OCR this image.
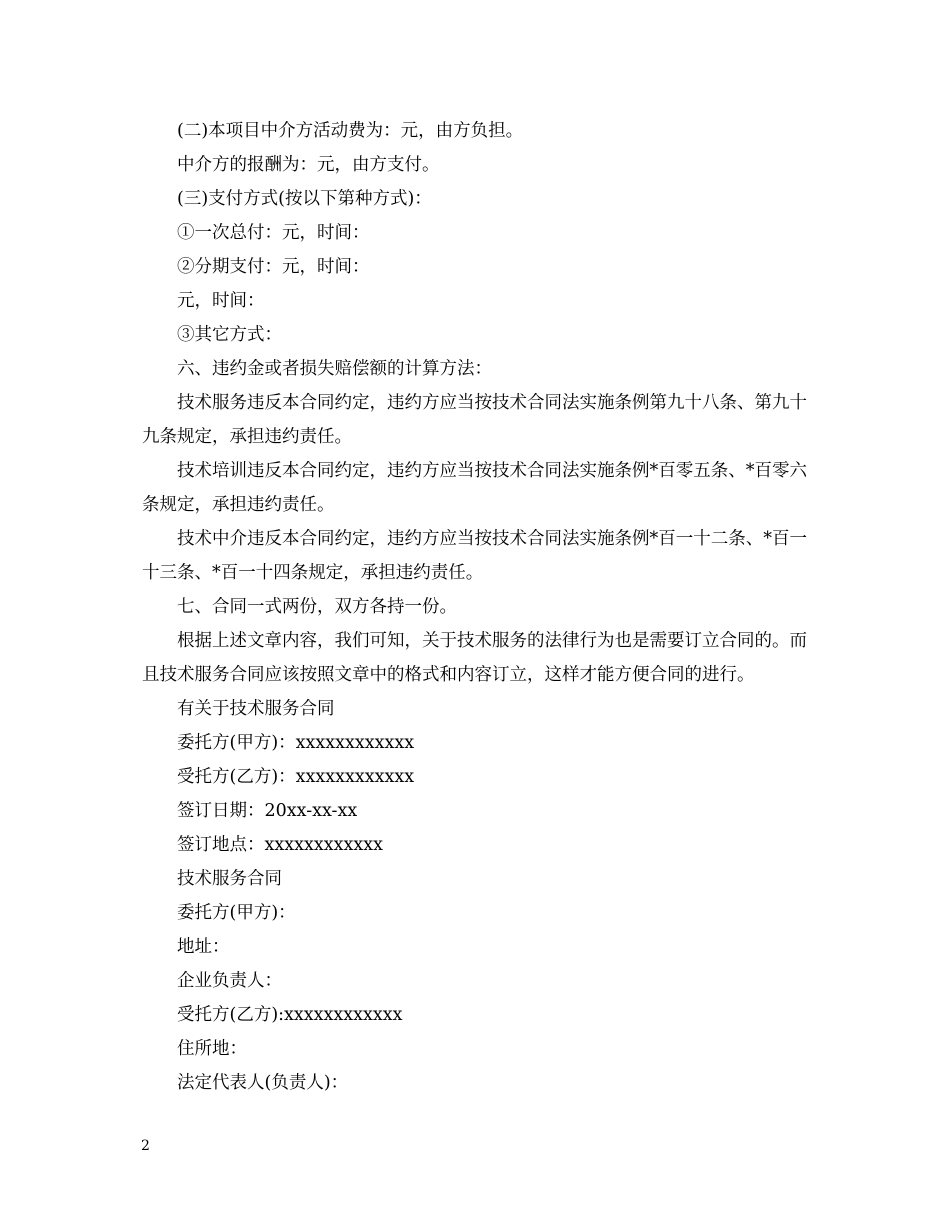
(二)本项目中介方活动费为：元，由方负担。

中介方的报酬为：元，由方支付。

(三)支付方式(按以下第种方式)：

①一次总付：元，时间：

②分期支付：元，时间：

元，时间：

③其它方式：

六、违约金或者损失赔偿额的计算方法：

技术服务违反本合同约定，违约方应当按技术合同法实施条例第九十八条、第九十九条规定，承担违约责任。

技术培训违反本合同约定，违约方应当按技术合同法实施条例*百零五条、*百零六条规定，承担违约责任。

技术中介违反本合同约定，违约方应当按技术合同法实施条例*百一十二条、*百一十三条、*百一十四条规定，承担违约责任。

七、合同一式两份，双方各持一份。

根据上述文章内容，我们可知，关于技术服务的法律行为也是需要订立合同的。而且技术服务合同应该按照文章中的格式和内容订立，这样才能方便合同的进行。

有关于技术服务合同

委托方(甲方)：xxxxxxxxxxxx

受托方(乙方)：xxxxxxxxxxxx

签订日期：20xx-xx-xx

签订地点：xxxxxxxxxxxx

技术服务合同

委托方(甲方)：

地址：

企业负责人：

受托方(乙方):xxxxxxxxxxxx

住所地：

法定代表人(负责人)：

2
